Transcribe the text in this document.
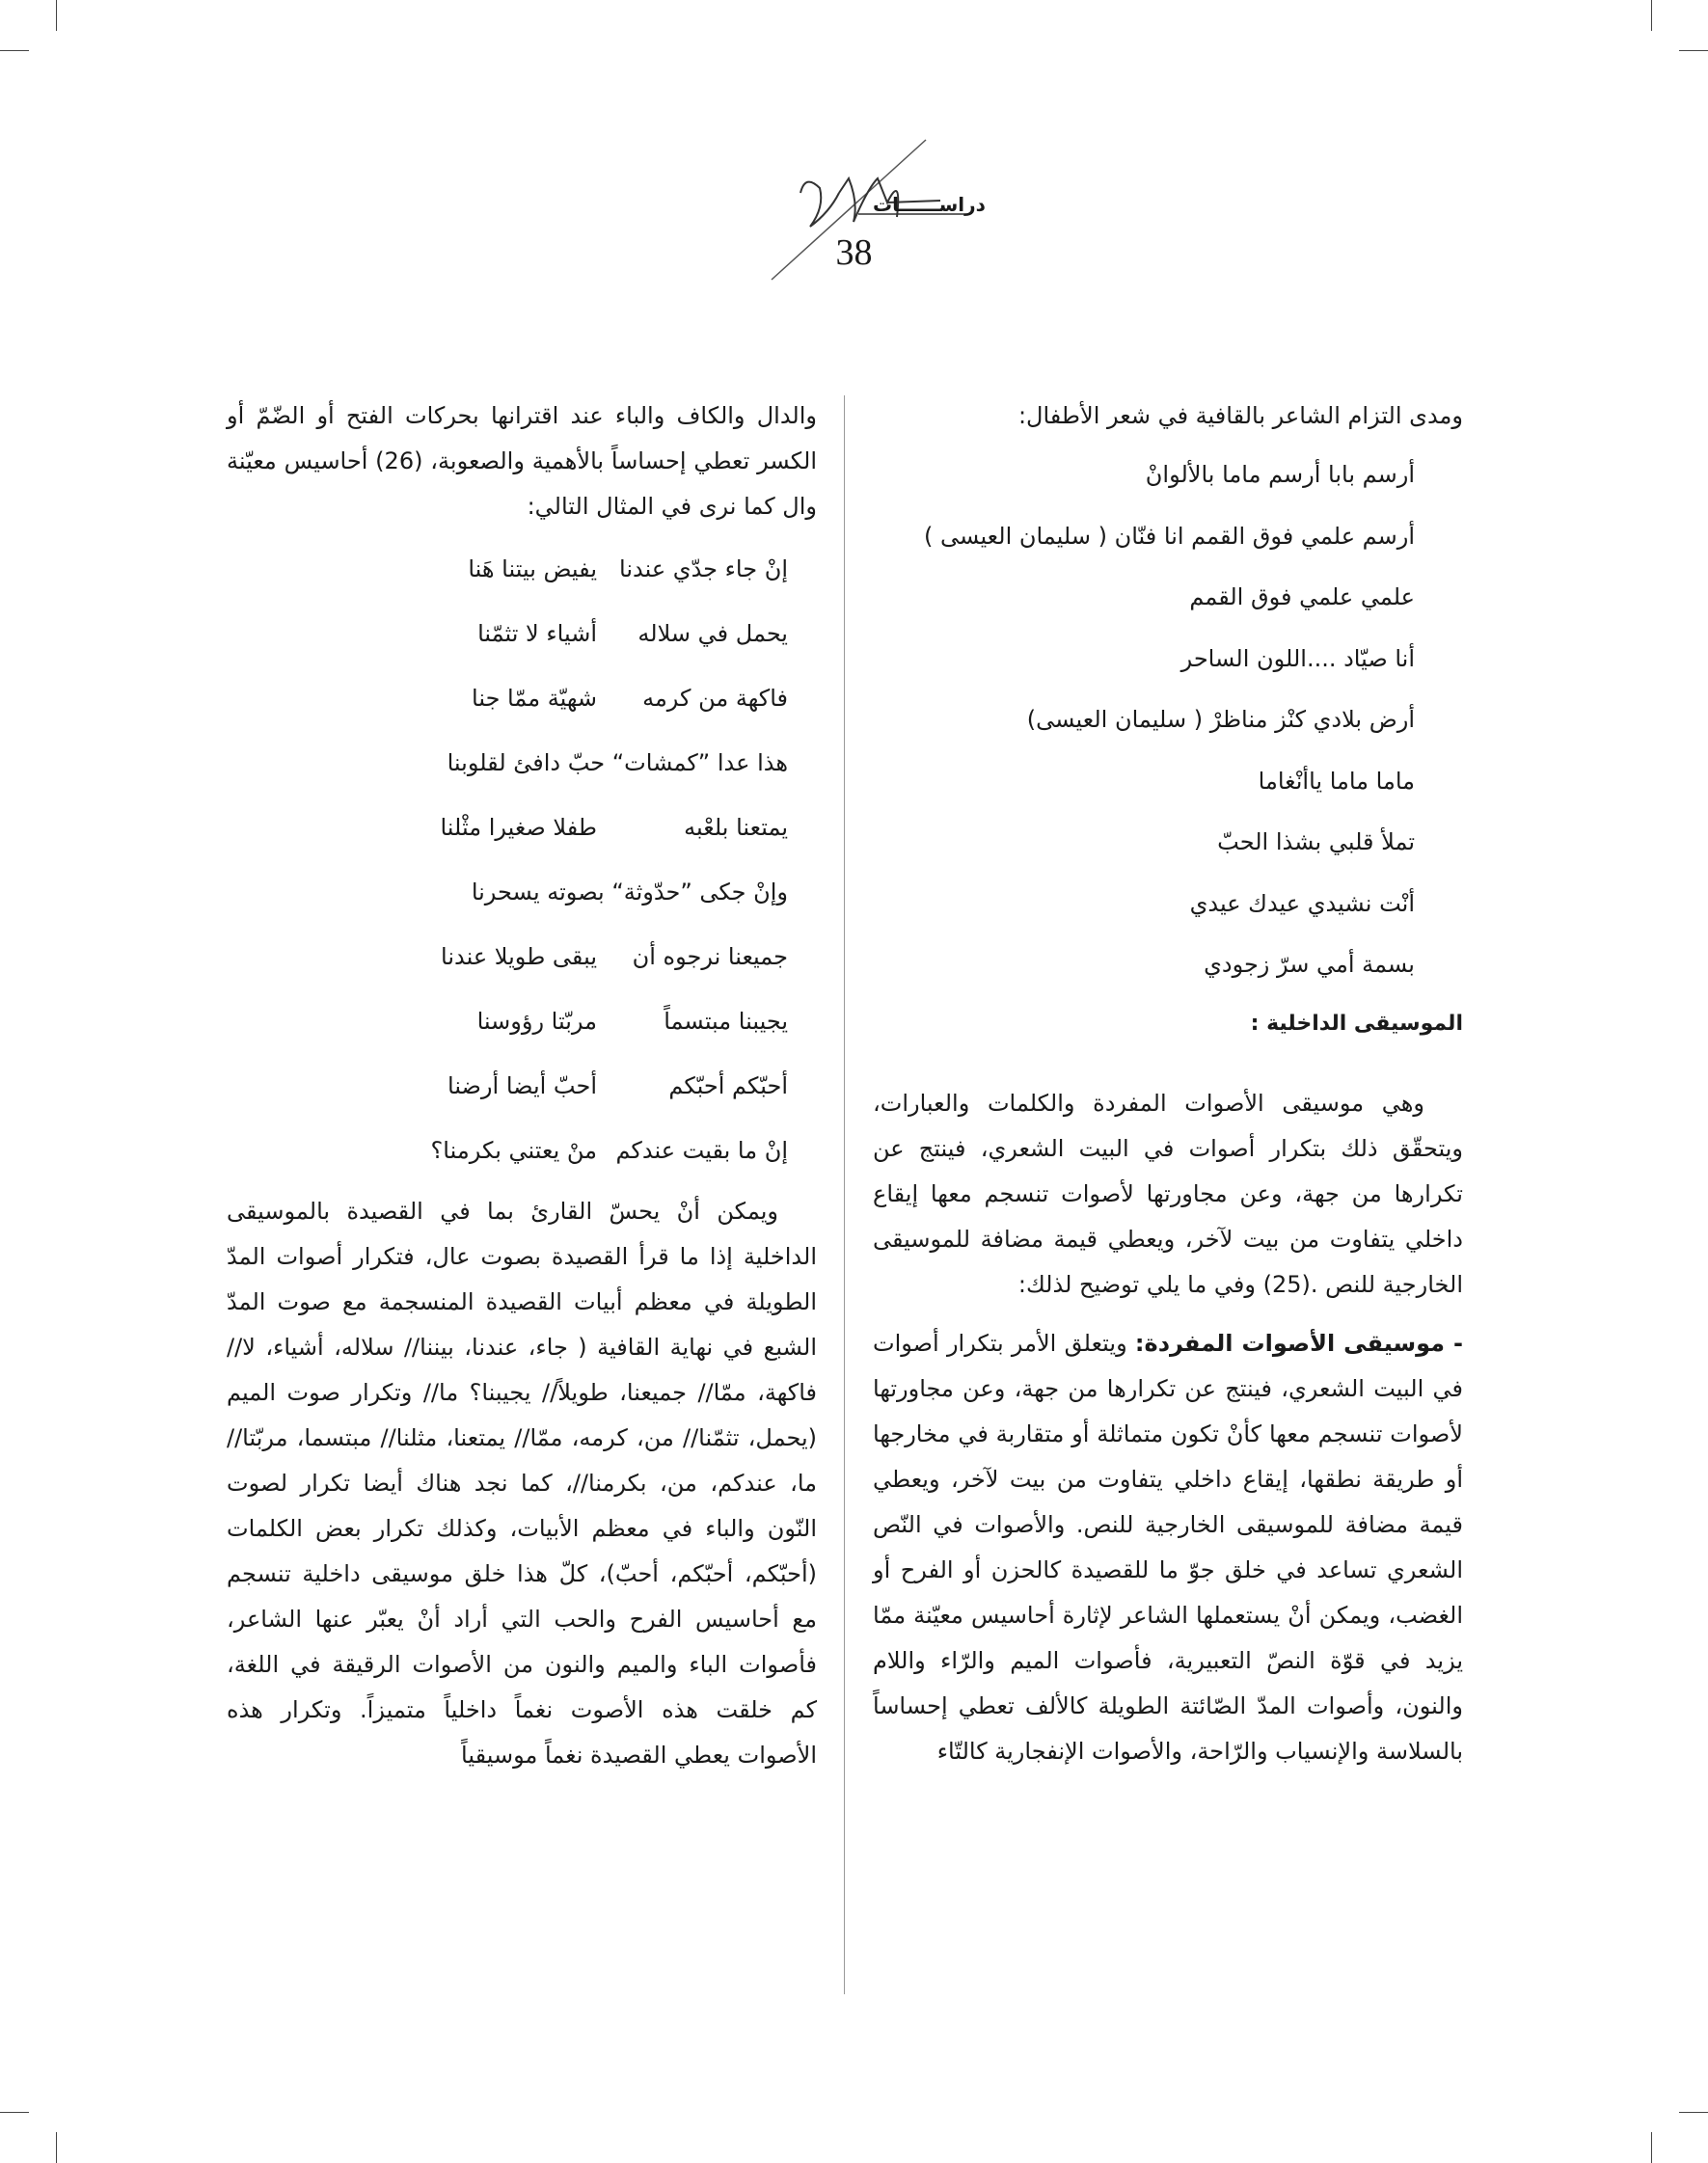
دراســــــات
38

ومدى التزام الشاعر بالقافية في شعر الأطفال:

أرسم بابا أرسم ماما بالألوانْ
أرسم علمي فوق القمم انا فنّان ( سليمان العيسى )
علمي علمي فوق القمم
أنا صيّاد ....اللون الساحر
أرض بلادي كنْز مناظرْ ( سليمان العيسى)
ماما ماما ياأنْغاما
تملأ قلبي بشذا الحبّ
أنْت نشيدي عيدك عيدي
بسمة أمي سرّ زجودي
الموسيقى الداخلية :

وهي موسيقى الأصوات المفردة والكلمات والعبارات، ويتحقّق ذلك بتكرار أصوات في البيت الشعري، فينتج عن تكرارها من جهة، وعن مجاورتها لأصوات تنسجم معها إيقاع داخلي يتفاوت من بيت لآخر، ويعطي قيمة مضافة للموسيقى الخارجية للنص .(25) وفي ما يلي توضيح لذلك:

- موسيقى الأصوات المفردة: ويتعلق الأمر بتكرار أصوات في البيت الشعري، فينتج عن تكرارها من جهة، وعن مجاورتها لأصوات تنسجم معها كأنْ تكون متماثلة أو متقاربة في مخارجها أو طريقة نطقها، إيقاع داخلي يتفاوت من بيت لآخر، ويعطي قيمة مضافة للموسيقى الخارجية للنص. والأصوات في النّص الشعري تساعد في خلق جوّ ما للقصيدة كالحزن أو الفرح أو الغضب، ويمكن أنْ يستعملها الشاعر لإثارة أحاسيس معيّنة ممّا يزيد في قوّة النصّ التعبيرية، فأصوات الميم والرّاء واللام والنون، وأصوات المدّ الصّائتة الطويلة كالألف تعطي إحساساً بالسلاسة والإنسياب والرّاحة، والأصوات الإنفجارية كالتّاء

والدال والكاف والباء عند اقترانها بحركات الفتح أو الضّمّ أو الكسر تعطي إحساساً بالأهمية والصعوبة، (26) أحاسيس معيّنة وال كما نرى في المثال التالي:

إنْ جاء جدّي عندنايفيض بيتنا هَنا
يحمل في سلالهأشياء لا تثمّنا
فاكهة من كرمهشهيّة ممّا جنا
هذا عدا ”كمشات“ حبّ دافئ لقلوبنا
يمتعنا بلعْبهطفلا صغيرا مثْلنا
وإنْ جكى ”حدّوثة“ بصوته يسحرنا
جميعنا نرجوه أنيبقى طويلا عندنا
يجيبنا مبتسماًمربّتا رؤوسنا
أحبّكم أحبّكمأحبّ أيضا أرضنا
إنْ ما بقيت عندكممنْ يعتني بكرمنا؟

ويمكن أنْ يحسّ القارئ بما في القصيدة بالموسيقى الداخلية إذا ما قرأ القصيدة بصوت عال، فتكرار أصوات المدّ الطويلة في معظم أبيات القصيدة المنسجمة مع صوت المدّ الشبع في نهاية القافية ( جاء، عندنا، بيننا// سلاله، أشياء، لا// فاكهة، ممّا// جميعنا، طويلاً// يجيبنا؟ ما// وتكرار صوت الميم (يحمل، تثمّنا// من، كرمه، ممّا// يمتعنا، مثلنا// مبتسما، مربّتا// ما، عندكم، من، بكرمنا//، كما نجد هناك أيضا تكرار لصوت النّون والباء في معظم الأبيات، وكذلك تكرار بعض الكلمات (أحبّكم، أحبّكم، أحبّ)، كلّ هذا خلق موسيقى داخلية تنسجم مع أحاسيس الفرح والحب التي أراد أنْ يعبّر عنها الشاعر، فأصوات الباء والميم والنون من الأصوات الرقيقة في اللغة، كم خلقت هذه الأصوت نغماً داخلياً متميزاً. وتكرار هذه الأصوات يعطي القصيدة نغماً موسيقياً
